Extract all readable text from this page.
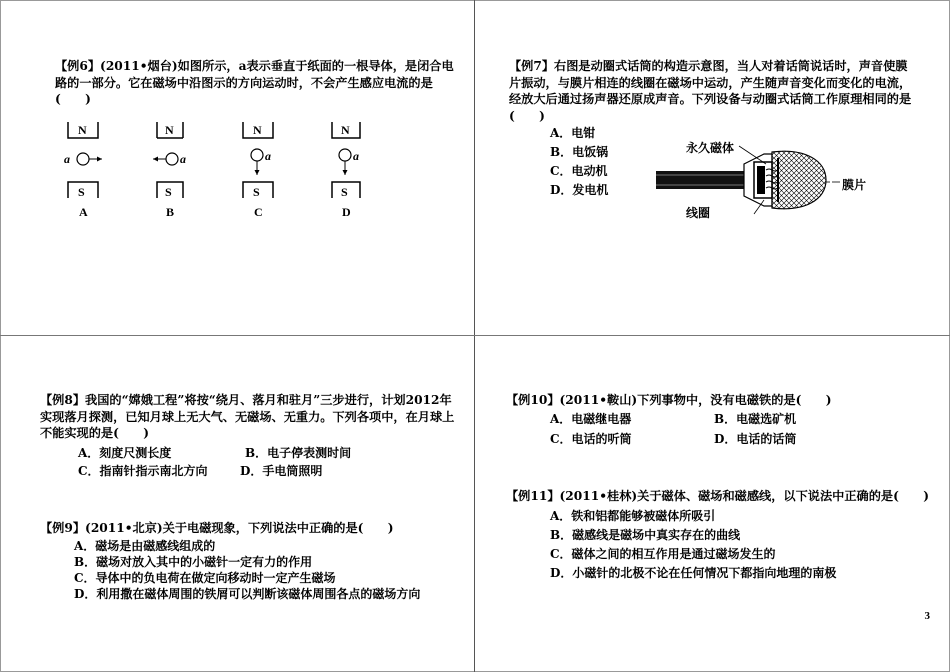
【例6】(2011•烟台)如图所示，a表示垂直于纸面的一根导体，是闭合电路的一部分。它在磁场中沿图示的方向运动时，不会产生感应电流的是(　　)
N
a
S
A
N
a
S
B
N
a
S
C
N
a
S
D
【例7】右图是动圈式话筒的构造示意图，当人对着话筒说话时，声音使膜片振动，与膜片相连的线圈在磁场中运动，产生随声音变化而变化的电流，经放大后通过扬声器还原成声音。下列设备与动圈式话筒工作原理相同的是(　　)
A．电钳
B．电饭锅
C．电动机
D．发电机
永久磁体
膜片
线圈
【例8】我国的“嫦娥工程”将按“绕月、落月和驻月”三步进行，计划2012年实现落月探测，已知月球上无大气、无磁场、无重力。下列各项中，在月球上不能实现的是(　　)
A．刻度尺测长度	B．电子停表测时间
C．指南针指示南北方向	D．手电筒照明
【例9】(2011•北京)关于电磁现象，下列说法中正确的是(　　)
A．磁场是由磁感线组成的
B．磁场对放入其中的小磁针一定有力的作用
C．导体中的负电荷在做定向移动时一定产生磁场
D．利用撒在磁体周围的铁屑可以判断该磁体周围各点的磁场方向
【例10】(2011•鞍山)下列事物中，没有电磁铁的是(　　)
A．电磁继电器	B．电磁选矿机
C．电话的听筒	D．电话的话筒
【例11】(2011•桂林)关于磁体、磁场和磁感线，以下说法中正确的是(　　)
A．铁和铝都能够被磁体所吸引
B．磁感线是磁场中真实存在的曲线
C．磁体之间的相互作用是通过磁场发生的
D．小磁针的北极不论在任何情况下都指向地理的南极
3
